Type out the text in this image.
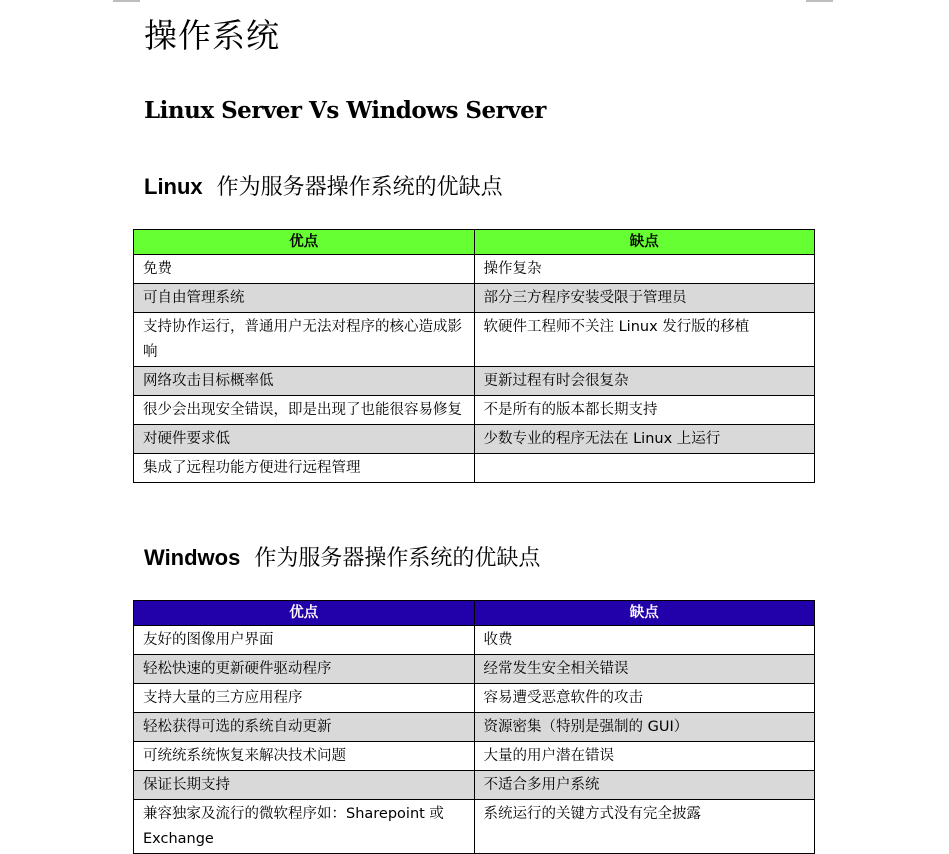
操作系统
Linux Server Vs Windows Server
Linux 作为服务器操作系统的优缺点
优点	缺点
免费	操作复杂
可自由管理系统	部分三方程序安装受限于管理员
支持协作运行，普通用户无法对程序的核心造成影响	软硬件工程师不关注 Linux 发行版的移植
网络攻击目标概率低	更新过程有时会很复杂
很少会出现安全错误，即是出现了也能很容易修复	不是所有的版本都长期支持
对硬件要求低	少数专业的程序无法在 Linux 上运行
集成了远程功能方便进行远程管理	
Windwos 作为服务器操作系统的优缺点
优点	缺点
友好的图像用户界面	收费
轻松快速的更新硬件驱动程序	经常发生安全相关错误
支持大量的三方应用程序	容易遭受恶意软件的攻击
轻松获得可选的系统自动更新	资源密集（特别是强制的 GUI）
可统统系统恢复来解决技术问题	大量的用户潜在错误
保证长期支持	不适合多用户系统
兼容独家及流行的微软程序如：Sharepoint 或 Exchange	系统运行的关键方式没有完全披露
